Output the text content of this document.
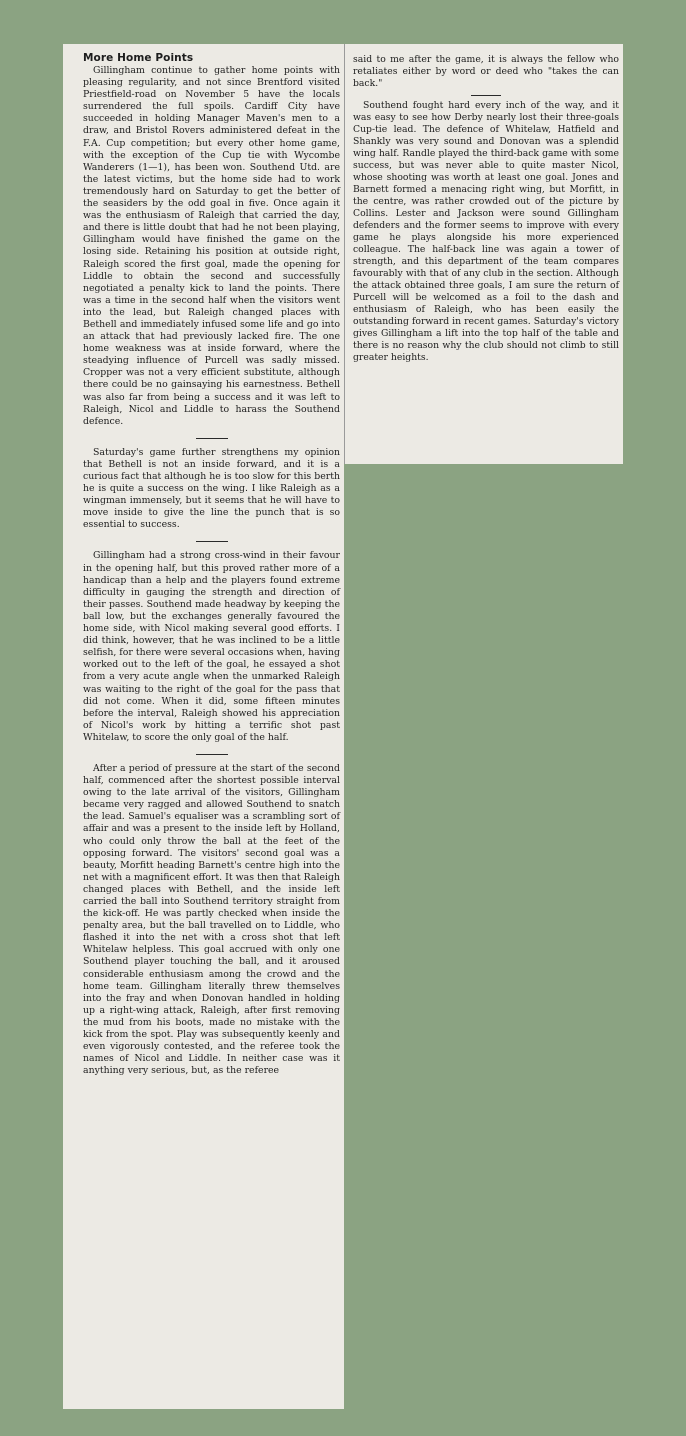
More Home Points

Gillingham continue to gather home points with pleasing regularity, and not since Brentford visited Priestfield-road on November 5 have the locals surrendered the full spoils. Cardiff City have succeeded in holding Manager Maven's men to a draw, and Bristol Rovers administered defeat in the F.A. Cup competition; but every other home game, with the exception of the Cup tie with Wycombe Wanderers (1—1), has been won. Southend Utd. are the latest victims, but the home side had to work tremendously hard on Saturday to get the better of the seasiders by the odd goal in five. Once again it was the enthusiasm of Raleigh that carried the day, and there is little doubt that had he not been playing, Gillingham would have finished the game on the losing side. Retaining his position at outside right, Raleigh scored the first goal, made the opening for Liddle to obtain the second and successfully negotiated a penalty kick to land the points. There was a time in the second half when the visitors went into the lead, but Raleigh changed places with Bethell and immediately infused some life and go into an attack that had previously lacked fire. The one home weakness was at inside forward, where the steadying influence of Purcell was sadly missed. Cropper was not a very efficient substitute, although there could be no gainsaying his earnestness. Bethell was also far from being a success and it was left to Raleigh, Nicol and Liddle to harass the Southend defence.

Saturday's game further strengthens my opinion that Bethell is not an inside forward, and it is a curious fact that although he is too slow for this berth he is quite a success on the wing. I like Raleigh as a wingman immensely, but it seems that he will have to move inside to give the line the punch that is so essential to success.

Gillingham had a strong cross-wind in their favour in the opening half, but this proved rather more of a handicap than a help and the players found extreme difficulty in gauging the strength and direction of their passes. Southend made headway by keeping the ball low, but the exchanges generally favoured the home side, with Nicol making several good efforts. I did think, however, that he was inclined to be a little selfish, for there were several occasions when, having worked out to the left of the goal, he essayed a shot from a very acute angle when the unmarked Raleigh was waiting to the right of the goal for the pass that did not come. When it did, some fifteen minutes before the interval, Raleigh showed his appreciation of Nicol's work by hitting a terrific shot past Whitelaw, to score the only goal of the half.

After a period of pressure at the start of the second half, commenced after the shortest possible interval owing to the late arrival of the visitors, Gillingham became very ragged and allowed Southend to snatch the lead. Samuel's equaliser was a scrambling sort of affair and was a present to the inside left by Holland, who could only throw the ball at the feet of the opposing forward. The visitors' second goal was a beauty, Morfitt heading Barnett's centre high into the net with a magnificent effort. It was then that Raleigh changed places with Bethell, and the inside left carried the ball into Southend territory straight from the kick-off. He was partly checked when inside the penalty area, but the ball travelled on to Liddle, who flashed it into the net with a cross shot that left Whitelaw helpless. This goal accrued with only one Southend player touching the ball, and it aroused considerable enthusiasm among the crowd and the home team. Gillingham literally threw themselves into the fray and when Donovan handled in holding up a right-wing attack, Raleigh, after first removing the mud from his boots, made no mistake with the kick from the spot. Play was subsequently keenly and even vigorously contested, and the referee took the names of Nicol and Liddle. In neither case was it anything very serious, but, as the referee

said to me after the game, it is always the fellow who retaliates either by word or deed who "takes the can back."

Southend fought hard every inch of the way, and it was easy to see how Derby nearly lost their three-goals Cup-tie lead. The defence of Whitelaw, Hatfield and Shankly was very sound and Donovan was a splendid wing half. Randle played the third-back game with some success, but was never able to quite master Nicol, whose shooting was worth at least one goal. Jones and Barnett formed a menacing right wing, but Morfitt, in the centre, was rather crowded out of the picture by Collins. Lester and Jackson were sound Gillingham defenders and the former seems to improve with every game he plays alongside his more experienced colleague. The half-back line was again a tower of strength, and this department of the team compares favourably with that of any club in the section. Although the attack obtained three goals, I am sure the return of Purcell will be welcomed as a foil to the dash and enthusiasm of Raleigh, who has been easily the outstanding forward in recent games. Saturday's victory gives Gillingham a lift into the top half of the table and there is no reason why the club should not climb to still greater heights.
